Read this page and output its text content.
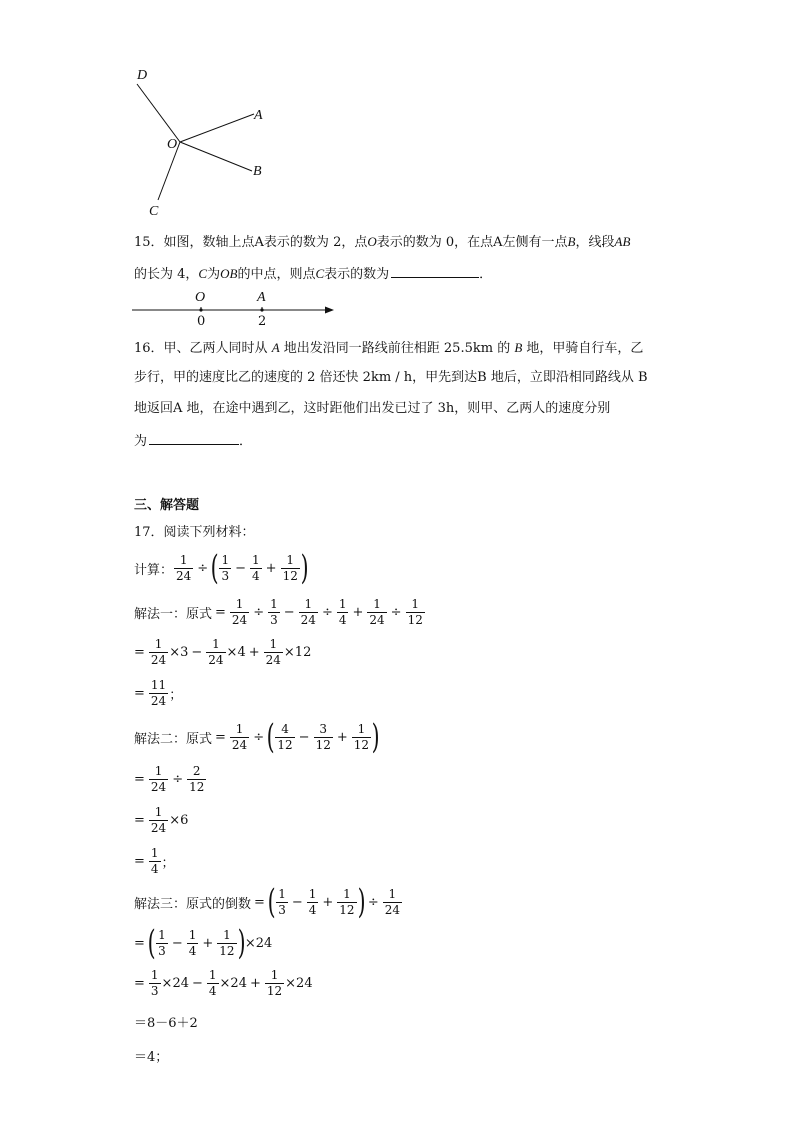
D
A
O
B
C
15．如图，数轴上点A表示的数为 2，点O表示的数为 0，在点A左侧有一点B，线段AB
的长为 4，C为OB的中点，则点C表示的数为	．
O	A
0	2
16．甲、乙两人同时从 A 地出发沿同一路线前往相距 25.5km 的 B 地，甲骑自行车，乙
步行，甲的速度比乙的速度的 2 倍还快 2km / h，甲先到达B 地后，立即沿相同路线从 B
地返回A 地，在途中遇到乙，这时距他们出发已过了 3h，则甲、乙两人的速度分别
为	．
三、解答题
17．阅读下列材料：
计算： $\frac{1}{24}$ ÷ ( $\frac{1}{3} - \frac{1}{4} + \frac{1}{12}$ )
解法一：原式 = $\frac{1}{24} \div \frac{1}{3} - \frac{1}{24} \div \frac{1}{4} + \frac{1}{24} \div \frac{1}{12}$
= $\frac{1}{24} \times 3 - \frac{1}{24} \times 4 + \frac{1}{24} \times 12$
= $\frac{11}{24}$ ；
解法二：原式 = $\frac{1}{24}$ ÷ ( $\frac{4}{12} - \frac{3}{12} + \frac{1}{12}$ )
= $\frac{1}{24} \div \frac{2}{12}$
= $\frac{1}{24} \times 6$
= $\frac{1}{4}$ ；
解法三：原式的倒数 = ( $\frac{1}{3} - \frac{1}{4} + \frac{1}{12}$ ) ÷ $\frac{1}{24}$
= ( $\frac{1}{3} - \frac{1}{4} + \frac{1}{12}$ ) ×24
= $\frac{1}{3} \times 24 - \frac{1}{4} \times 24 + \frac{1}{12} \times 24$
＝8－6＋2
＝4；
